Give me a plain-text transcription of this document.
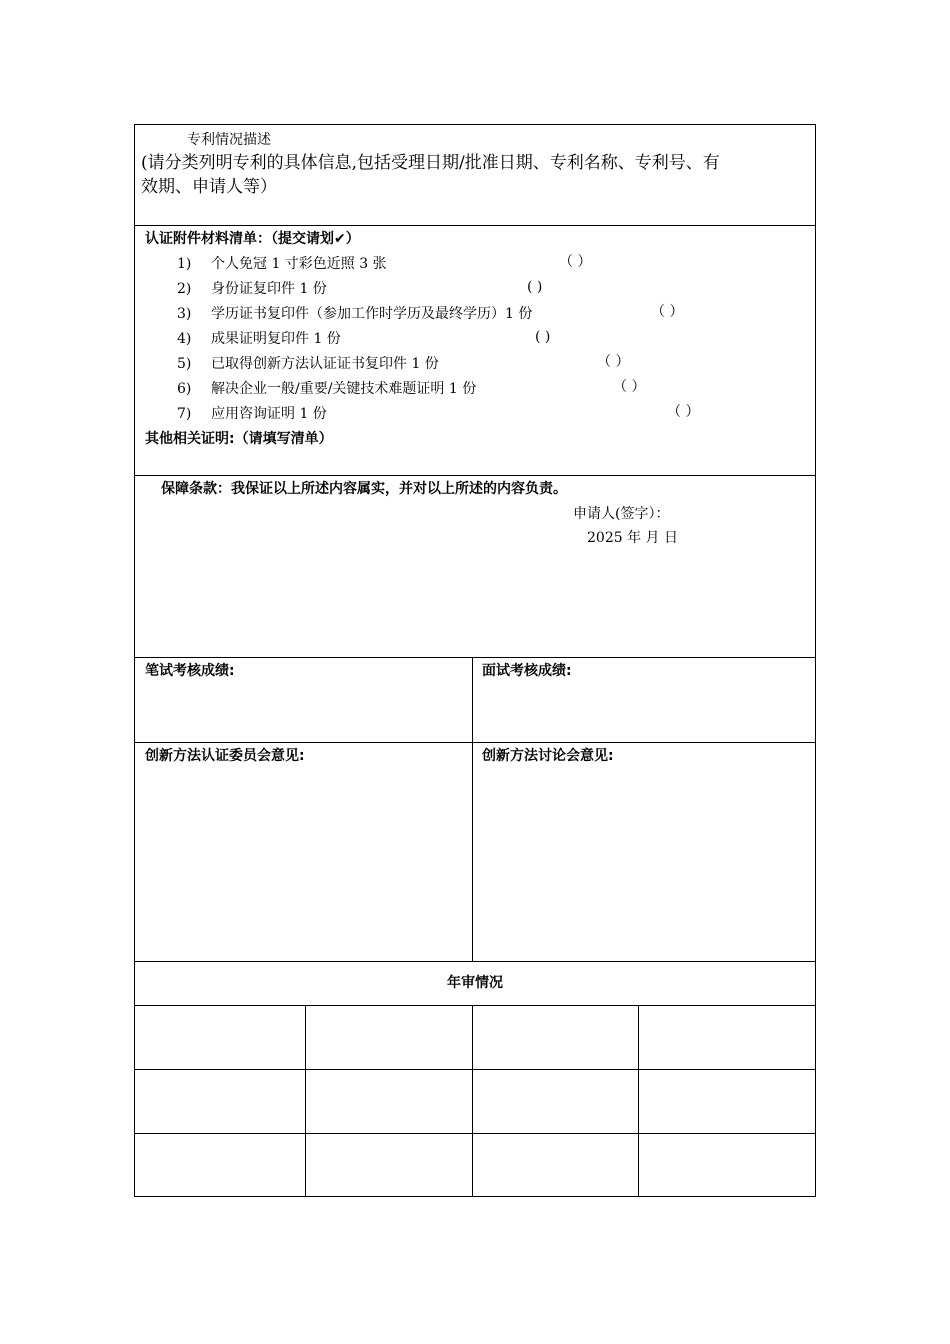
专利情况描述
(请分类列明专利的具体信息,包括受理日期/批准日期、专利名称、专利号、有
效期、申请人等）
认证附件材料清单：（提交请划✔）
1) 个人免冠 1 寸彩色近照 3 张	（ ）
2) 身份证复印件 1 份	( )
3) 学历证书复印件（参加工作时学历及最终学历）1 份	（ ）
4) 成果证明复印件 1 份	( )
5) 已取得创新方法认证证书复印件 1 份	（ ）
6) 解决企业一般/重要/关键技术难题证明 1 份	（ ）
7) 应用咨询证明 1 份	（ ）
其他相关证明:（请填写清单）
保障条款：我保证以上所述内容属实，并对以上所述的内容负责。
申请人(签字）：
2025 年 月 日
笔试考核成绩:	面试考核成绩:
创新方法认证委员会意见:	创新方法讨论会意见:
年审情况
